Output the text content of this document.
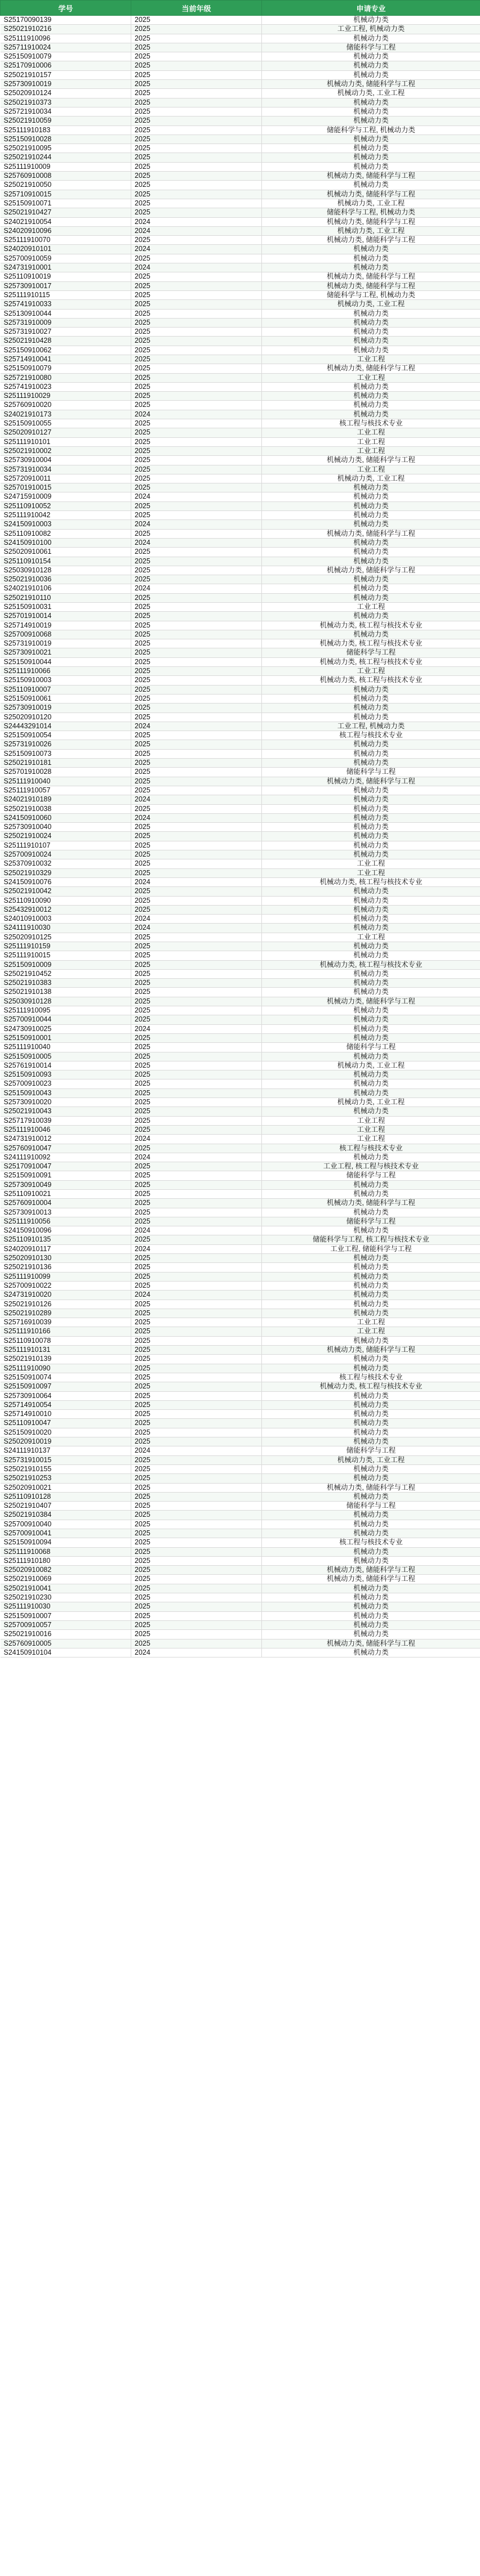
学号	当前年级	申请专业
S25170090139	2025	机械动力类
S25021910216	2025	工业工程, 机械动力类
S25111910096	2025	机械动力类
S25711910024	2025	储能科学与工程
S25150910079	2025	机械动力类
S25170910006	2025	机械动力类
S25021910157	2025	机械动力类
S25730910019	2025	机械动力类, 储能科学与工程
S25020910124	2025	机械动力类, 工业工程
S25021910373	2025	机械动力类
S25721910034	2025	机械动力类
S25021910059	2025	机械动力类
S25111910183	2025	储能科学与工程, 机械动力类
S25150910028	2025	机械动力类
S25021910095	2025	机械动力类
S25021910244	2025	机械动力类
S25111910009	2025	机械动力类
S25760910008	2025	机械动力类, 储能科学与工程
S25021910050	2025	机械动力类
S25710910015	2025	机械动力类, 储能科学与工程
S25150910071	2025	机械动力类, 工业工程
S25021910427	2025	储能科学与工程, 机械动力类
S24021910054	2024	机械动力类, 储能科学与工程
S24020910096	2024	机械动力类, 工业工程
S25111910070	2025	机械动力类, 储能科学与工程
S24020910101	2024	机械动力类
S25700910059	2025	机械动力类
S24731910001	2024	机械动力类
S25110910019	2025	机械动力类, 储能科学与工程
S25730910017	2025	机械动力类, 储能科学与工程
S25111910115	2025	储能科学与工程, 机械动力类
S25741910033	2025	机械动力类, 工业工程
S25130910044	2025	机械动力类
S25731910009	2025	机械动力类
S25731910027	2025	机械动力类
S25021910428	2025	机械动力类
S25150910062	2025	机械动力类
S25714910041	2025	工业工程
S25150910079	2025	机械动力类, 储能科学与工程
S25721910080	2025	工业工程
S25741910023	2025	机械动力类
S25111910029	2025	机械动力类
S25760910020	2025	机械动力类
S24021910173	2024	机械动力类
S25150910055	2025	核工程与核技术专业
S25020910127	2025	工业工程
S25111910101	2025	工业工程
S25021910002	2025	工业工程
S25730910004	2025	机械动力类, 储能科学与工程
S25731910034	2025	工业工程
S25720910011	2025	机械动力类, 工业工程
S25701910015	2025	机械动力类
S24715910009	2024	机械动力类
S25110910052	2025	机械动力类
S25111910042	2025	机械动力类
S24150910003	2024	机械动力类
S25110910082	2025	机械动力类, 储能科学与工程
S24150910100	2024	机械动力类
S25020910061	2025	机械动力类
S25110910154	2025	机械动力类
S25030910128	2025	机械动力类, 储能科学与工程
S25021910036	2025	机械动力类
S24021910106	2024	机械动力类
S25021910110	2025	机械动力类
S25150910031	2025	工业工程
S25701910014	2025	机械动力类
S25714910019	2025	机械动力类, 核工程与核技术专业
S25700910068	2025	机械动力类
S25731910019	2025	机械动力类, 核工程与核技术专业
S25730910021	2025	储能科学与工程
S25150910044	2025	机械动力类, 核工程与核技术专业
S25111910066	2025	工业工程
S25150910003	2025	机械动力类, 核工程与核技术专业
S25110910007	2025	机械动力类
S25150910061	2025	机械动力类
S25730910019	2025	机械动力类
S25020910120	2025	机械动力类
S24443291014	2024	工业工程, 机械动力类
S25150910054	2025	核工程与核技术专业
S25731910026	2025	机械动力类
S25150910073	2025	机械动力类
S25021910181	2025	机械动力类
S25701910028	2025	储能科学与工程
S25111910040	2025	机械动力类, 储能科学与工程
S25111910057	2025	机械动力类
S24021910189	2024	机械动力类
S25021910038	2025	机械动力类
S24150910060	2024	机械动力类
S25730910040	2025	机械动力类
S25021910024	2025	机械动力类
S25111910107	2025	机械动力类
S25700910024	2025	机械动力类
S25370910032	2025	工业工程
S25021910329	2025	工业工程
S24150910076	2024	机械动力类, 核工程与核技术专业
S25021910042	2025	机械动力类
S25110910090	2025	机械动力类
S25432910012	2025	机械动力类
S24010910003	2024	机械动力类
S24111910030	2024	机械动力类
S25020910125	2025	工业工程
S25111910159	2025	机械动力类
S25111910015	2025	机械动力类
S25150910009	2025	机械动力类, 核工程与核技术专业
S25021910452	2025	机械动力类
S25021910383	2025	机械动力类
S25021910138	2025	机械动力类
S25030910128	2025	机械动力类, 储能科学与工程
S25111910095	2025	机械动力类
S25700910044	2025	机械动力类
S24730910025	2024	机械动力类
S25150910001	2025	机械动力类
S25111910040	2025	储能科学与工程
S25150910005	2025	机械动力类
S25761910014	2025	机械动力类, 工业工程
S25150910093	2025	机械动力类
S25700910023	2025	机械动力类
S25150910043	2025	机械动力类
S25730910020	2025	机械动力类, 工业工程
S25021910043	2025	机械动力类
S25717910039	2025	工业工程
S25111910046	2025	工业工程
S24731910012	2024	工业工程
S25760910047	2025	核工程与核技术专业
S24111910092	2024	机械动力类
S25170910047	2025	工业工程, 核工程与核技术专业
S25150910091	2025	储能科学与工程
S25730910049	2025	机械动力类
S25110910021	2025	机械动力类
S25760910004	2025	机械动力类, 储能科学与工程
S25730910013	2025	机械动力类
S25111910056	2025	储能科学与工程
S24150910096	2024	机械动力类
S25110910135	2025	储能科学与工程, 核工程与核技术专业
S24020910117	2024	工业工程, 储能科学与工程
S25020910130	2025	机械动力类
S25021910136	2025	机械动力类
S25111910099	2025	机械动力类
S25700910022	2025	机械动力类
S24731910020	2024	机械动力类
S25021910126	2025	机械动力类
S25021910289	2025	机械动力类
S25716910039	2025	工业工程
S25111910166	2025	工业工程
S25110910078	2025	机械动力类
S25111910131	2025	机械动力类, 储能科学与工程
S25021910139	2025	机械动力类
S25111910090	2025	机械动力类
S25150910074	2025	核工程与核技术专业
S25150910097	2025	机械动力类, 核工程与核技术专业
S25730910064	2025	机械动力类
S25714910054	2025	机械动力类
S25714910010	2025	机械动力类
S25110910047	2025	机械动力类
S25150910020	2025	机械动力类
S25020910019	2025	机械动力类
S24111910137	2024	储能科学与工程
S25731910015	2025	机械动力类, 工业工程
S25021910155	2025	机械动力类
S25021910253	2025	机械动力类
S25020910021	2025	机械动力类, 储能科学与工程
S25110910128	2025	机械动力类
S25021910407	2025	储能科学与工程
S25021910384	2025	机械动力类
S25700910040	2025	机械动力类
S25700910041	2025	机械动力类
S25150910094	2025	核工程与核技术专业
S25111910068	2025	机械动力类
S25111910180	2025	机械动力类
S25020910082	2025	机械动力类, 储能科学与工程
S25021910069	2025	机械动力类, 储能科学与工程
S25021910041	2025	机械动力类
S25021910230	2025	机械动力类
S25111910030	2025	机械动力类
S25150910007	2025	机械动力类
S25700910057	2025	机械动力类
S25021910016	2025	机械动力类
S25760910005	2025	机械动力类, 储能科学与工程
S24150910104	2024	机械动力类
